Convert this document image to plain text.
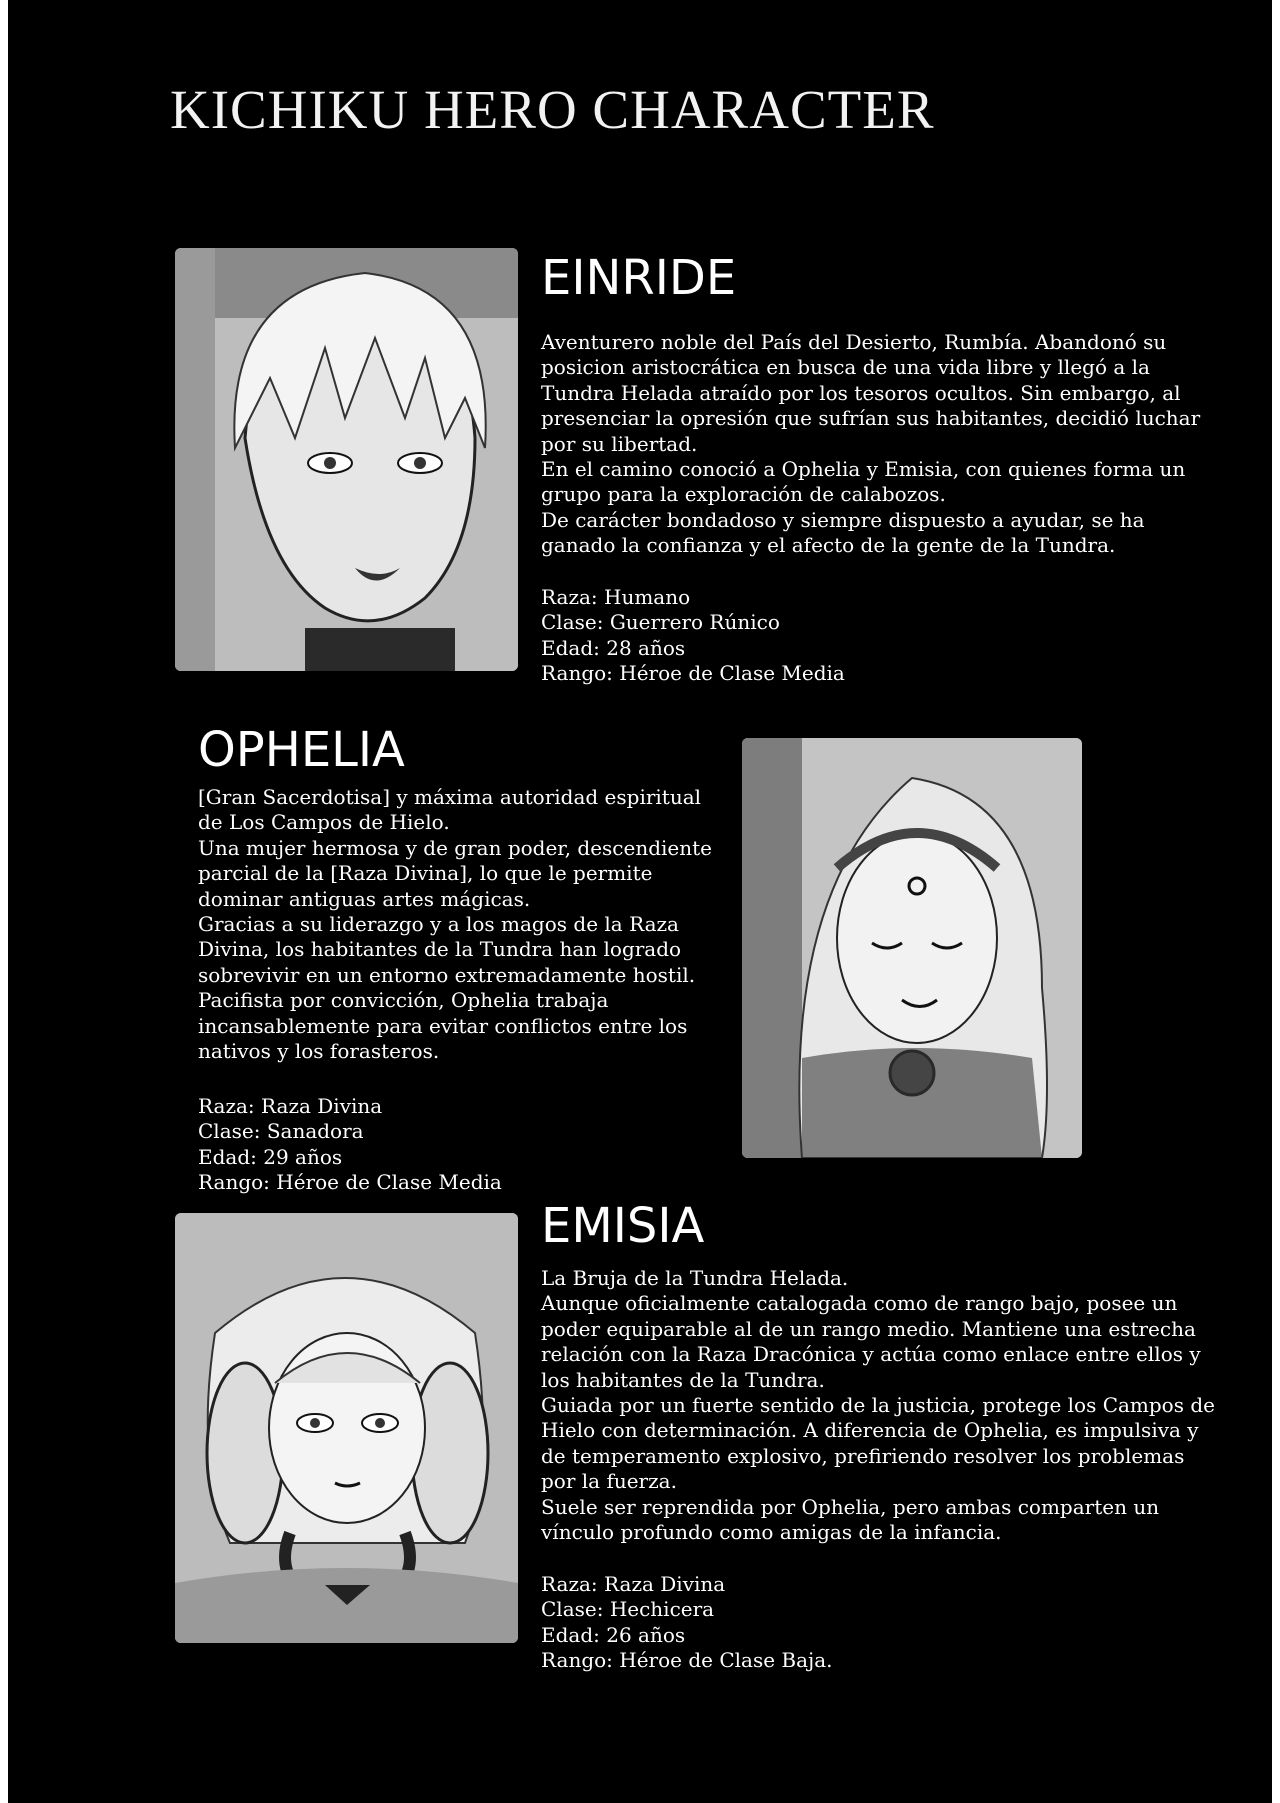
KICHIKU HERO CHARACTER
EINRIDE

Aventurero noble del País del Desierto, Rumbía. Abandonó su

posicion aristocrática en busca de una vida libre y llegó a la

Tundra Helada atraído por los tesoros ocultos. Sin embargo, al

presenciar la opresión que sufrían sus habitantes, decidió luchar

por su libertad.

En el camino conoció a Ophelia y Emisia, con quienes forma un

grupo para la exploración de calabozos.

De carácter bondadoso y siempre dispuesto a ayudar, se ha

ganado la confianza y el afecto de la gente de la Tundra.

Raza: Humano
Clase: Guerrero Rúnico
Edad: 28 años
Rango: Héroe de Clase Media
OPHELIA

[Gran Sacerdotisa] y máxima autoridad espiritual

de Los Campos de Hielo.

Una mujer hermosa y de gran poder, descendiente

parcial de la [Raza Divina], lo que le permite

dominar antiguas artes mágicas.

Gracias a su liderazgo y a los magos de la Raza

Divina, los habitantes de la Tundra han logrado

sobrevivir en un entorno extremadamente hostil.

Pacifista por convicción, Ophelia trabaja

incansablemente para evitar conflictos entre los

nativos y los forasteros.

Raza: Raza Divina
Clase: Sanadora
Edad: 29 años
Rango: Héroe de Clase Media
EMISIA

La Bruja de la Tundra Helada.

Aunque oficialmente catalogada como de rango bajo, posee un

poder equiparable al de un rango medio. Mantiene una estrecha

relación con la Raza Dracónica y actúa como enlace entre ellos y

los habitantes de la Tundra.

Guiada por un fuerte sentido de la justicia, protege los Campos de

Hielo con determinación. A diferencia de Ophelia, es impulsiva y

de temperamento explosivo, prefiriendo resolver los problemas

por la fuerza.

Suele ser reprendida por Ophelia, pero ambas comparten un

vínculo profundo como amigas de la infancia.

Raza: Raza Divina
Clase: Hechicera
Edad: 26 años
Rango: Héroe de Clase Baja.
